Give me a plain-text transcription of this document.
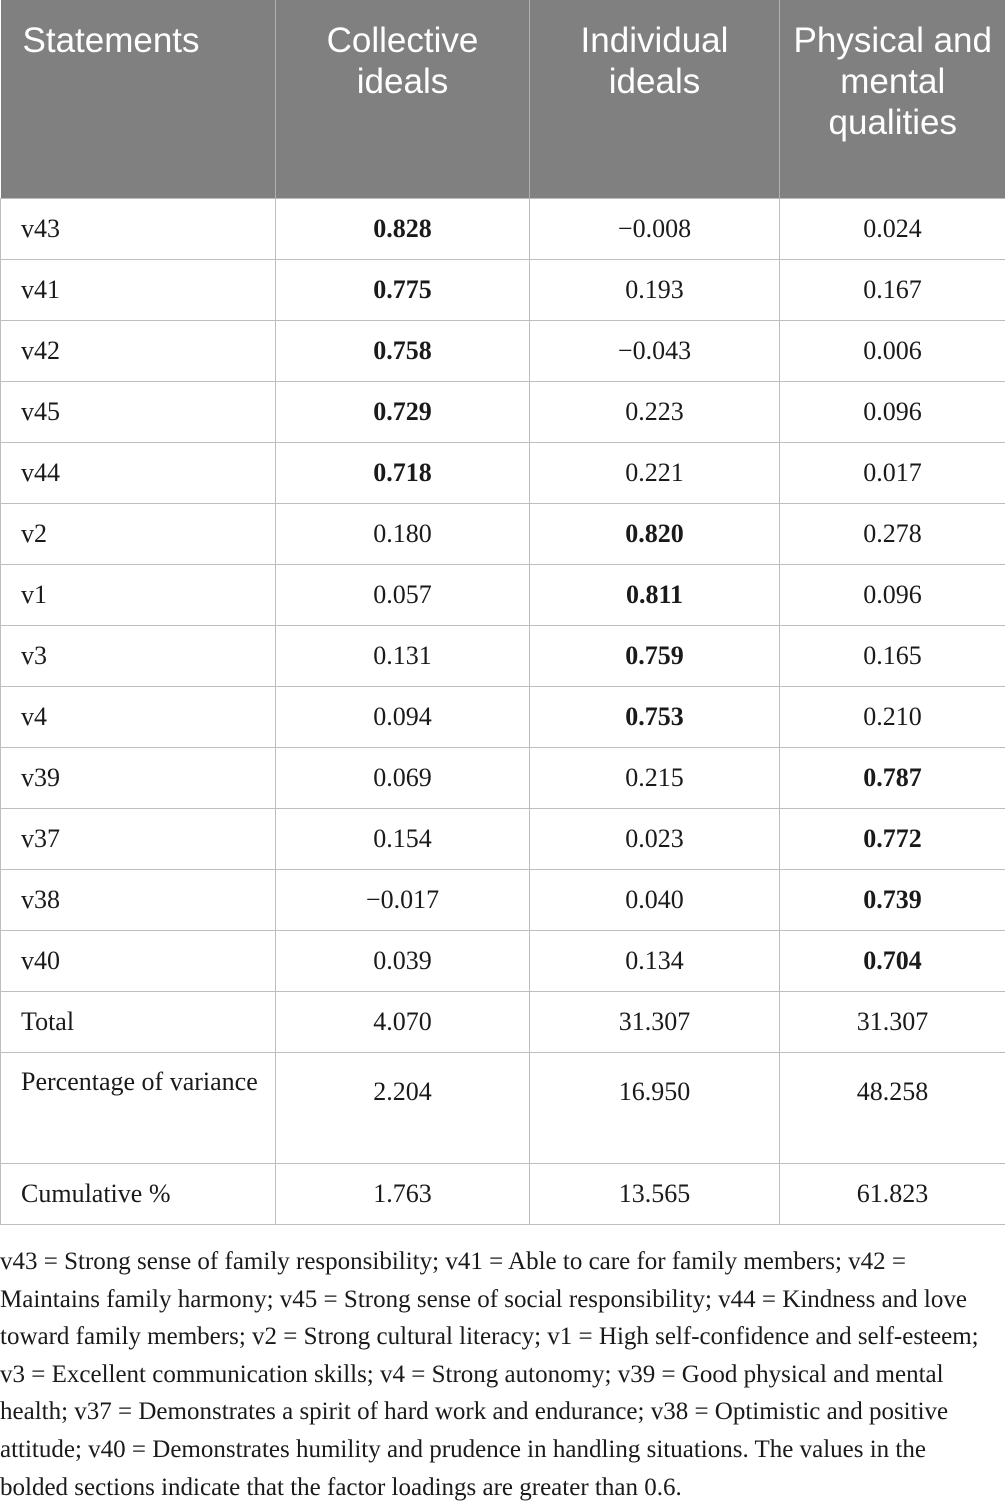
Statements	Collective ideals	Individual ideals	Physical and mental qualities
v43	0.828	−0.008	0.024
v41	0.775	0.193	0.167
v42	0.758	−0.043	0.006
v45	0.729	0.223	0.096
v44	0.718	0.221	0.017
v2	0.180	0.820	0.278
v1	0.057	0.811	0.096
v3	0.131	0.759	0.165
v4	0.094	0.753	0.210
v39	0.069	0.215	0.787
v37	0.154	0.023	0.772
v38	−0.017	0.040	0.739
v40	0.039	0.134	0.704
Total	4.070	31.307	31.307
Percentage of variance	2.204	16.950	48.258
Cumulative %	1.763	13.565	61.823
v43 = Strong sense of family responsibility; v41 = Able to care for family members; v42 = Maintains family harmony; v45 = Strong sense of social responsibility; v44 = Kindness and love toward family members; v2 = Strong cultural literacy; v1 = High self-confidence and self-esteem; v3 = Excellent communication skills; v4 = Strong autonomy; v39 = Good physical and mental health; v37 = Demonstrates a spirit of hard work and endurance; v38 = Optimistic and positive attitude; v40 = Demonstrates humility and prudence in handling situations. The values in the bolded sections indicate that the factor loadings are greater than 0.6.
